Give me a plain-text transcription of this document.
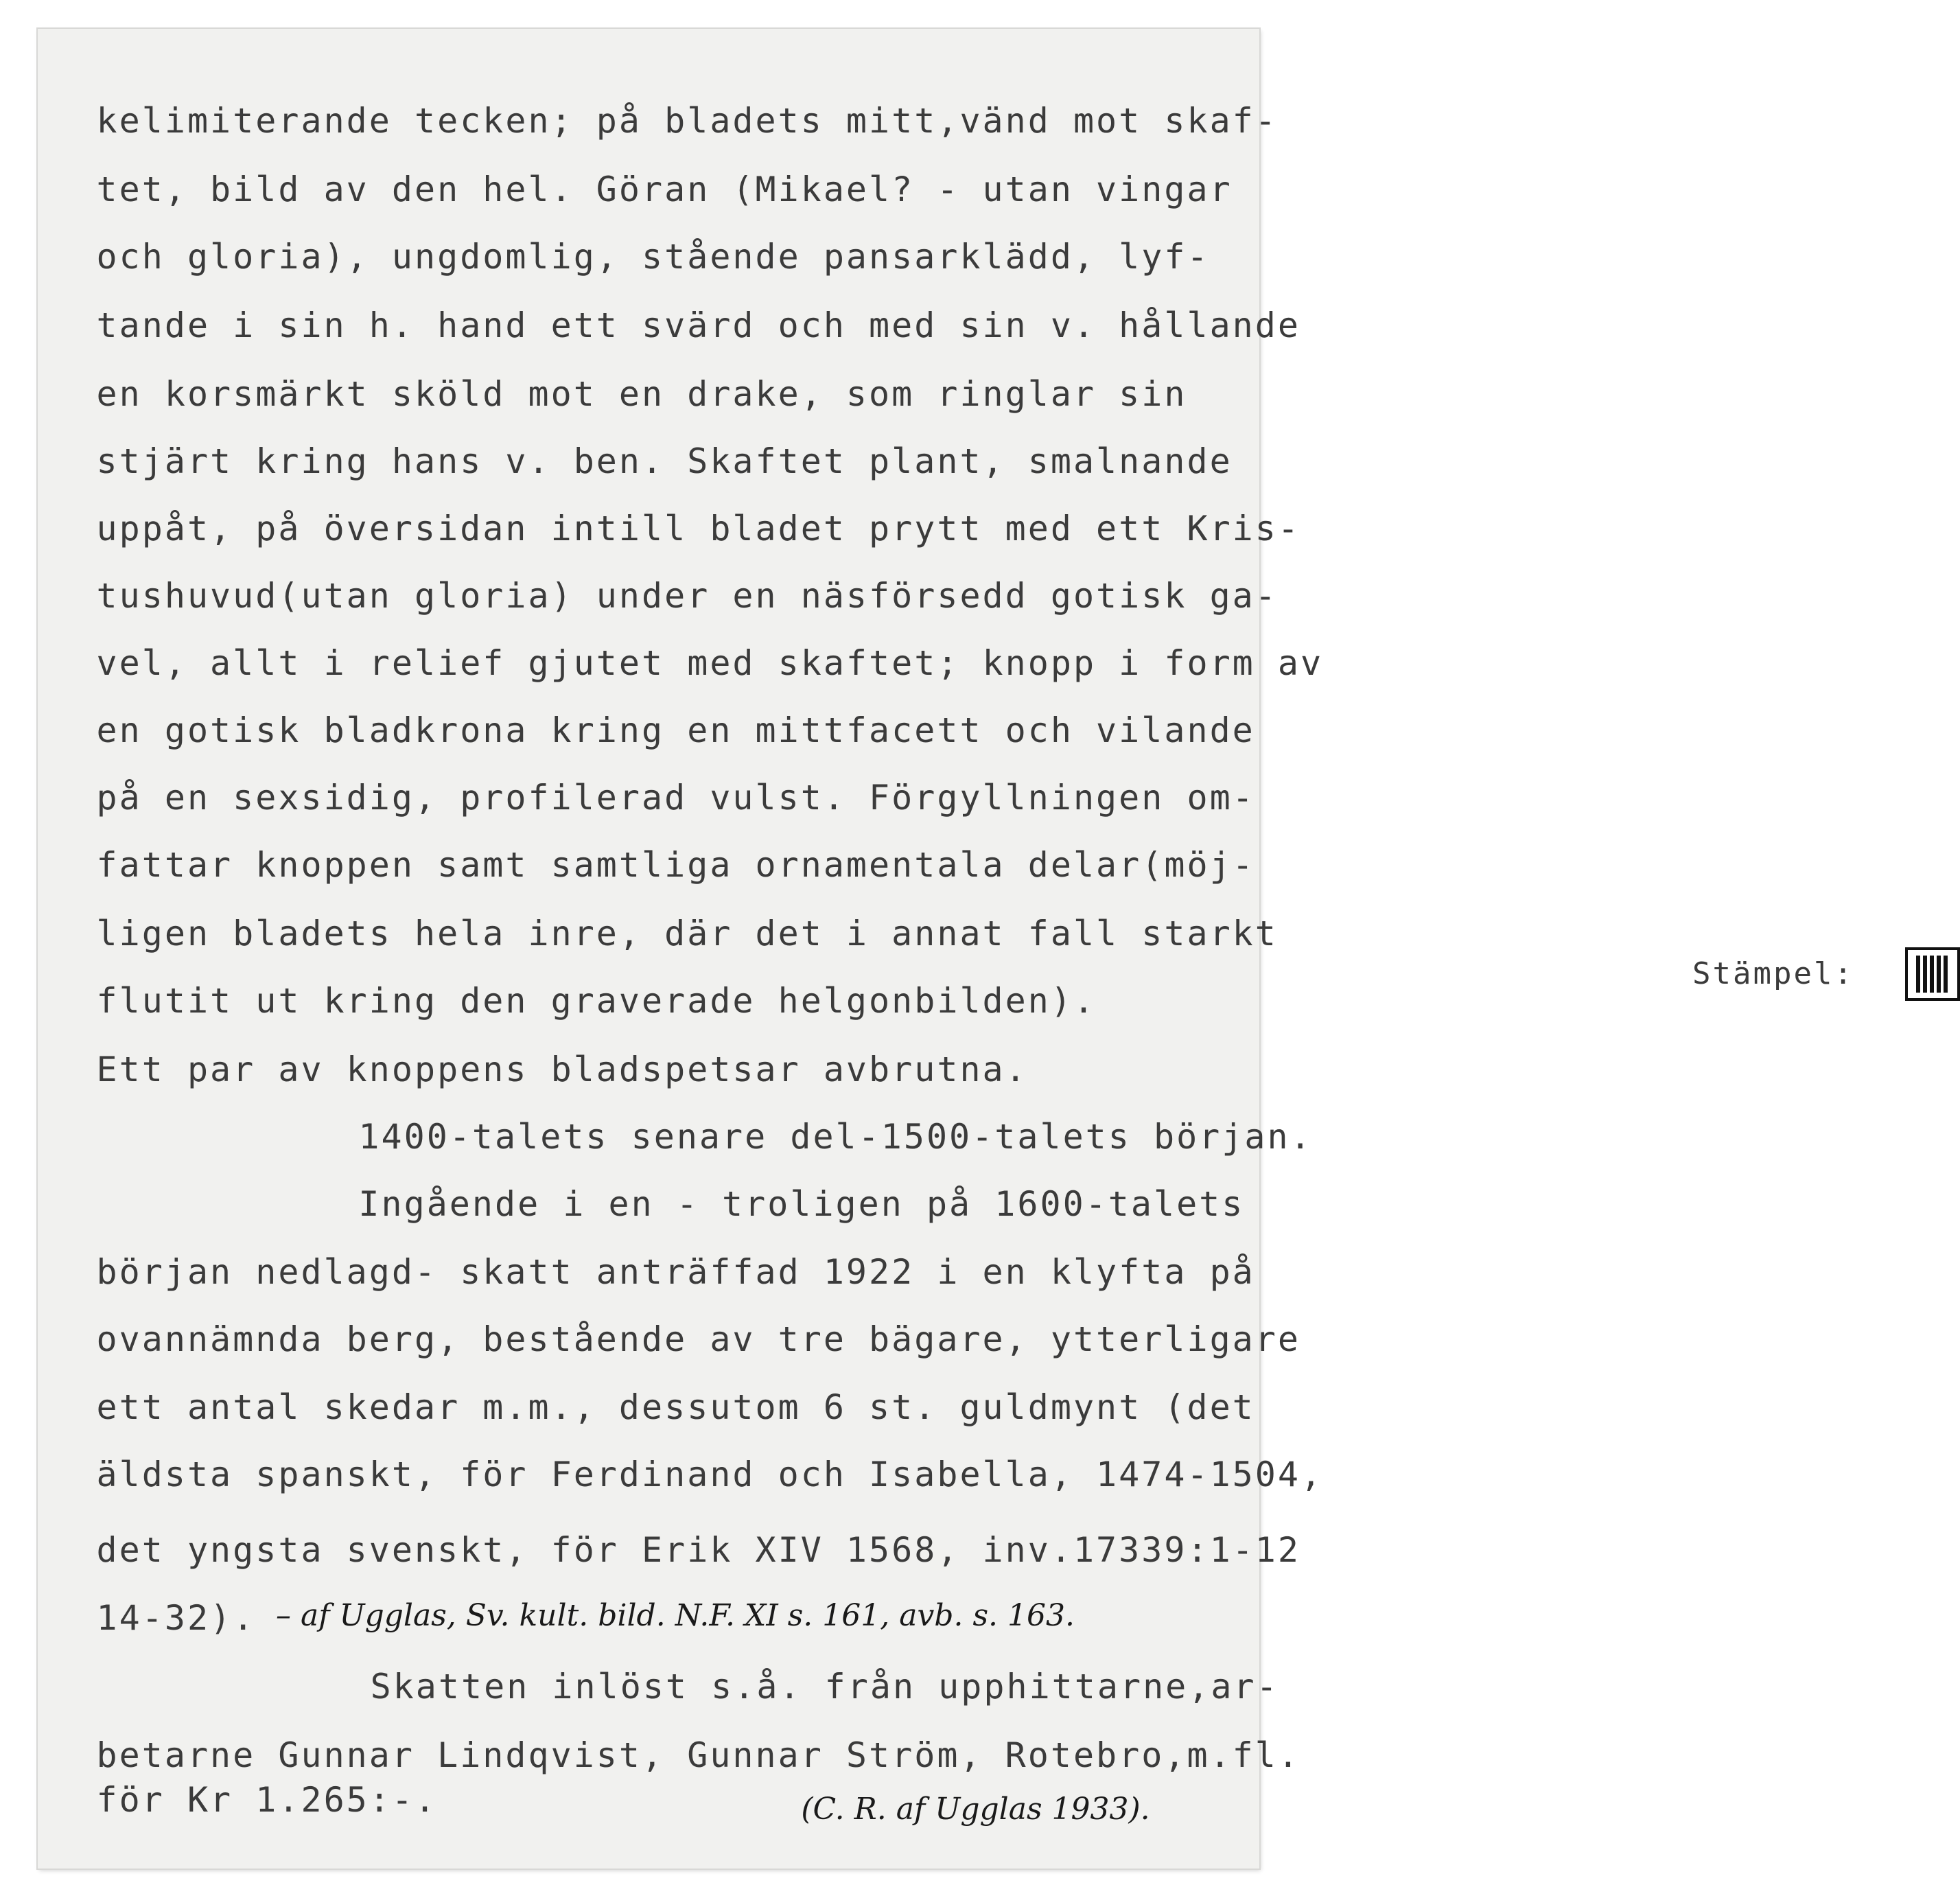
kelimiterande tecken; på bladets mitt,vänd mot skaf-
tet, bild av den hel. Göran (Mikael? - utan vingar
och gloria), ungdomlig, stående pansarklädd, lyf-
tande i sin h. hand ett svärd och med sin v. hållande
en korsmärkt sköld mot en drake, som ringlar sin
stjärt kring hans v. ben. Skaftet plant, smalnande
uppåt, på översidan intill bladet prytt med ett Kris-
tushuvud(utan gloria) under en näsförsedd gotisk ga-
vel, allt i relief gjutet med skaftet; knopp i form av
en gotisk bladkrona kring en mittfacett och vilande
på en sexsidig, profilerad vulst. Förgyllningen om-
fattar knoppen samt samtliga ornamentala delar(möj-
ligen bladets hela inre, där det i annat fall starkt
flutit ut kring den graverade helgonbilden).
Stämpel:
Ett par av knoppens bladspetsar avbrutna.
1400-talets senare del-1500-talets början.
Ingående i en - troligen på 1600-talets
början nedlagd- skatt anträffad 1922 i en klyfta på
ovannämnda berg, bestående av tre bägare, ytterligare
ett antal skedar m.m., dessutom 6 st. guldmynt (det
äldsta spanskt, för Ferdinand och Isabella, 1474-1504,
det yngsta svenskt, för Erik XIV 1568, inv.17339:1-12
14-32). – af Ugglas, Sv. kult. bild. N.F. XI s. 161, avb. s. 163.
Skatten inlöst s.å. från upphittarne,ar-
betarne Gunnar Lindqvist, Gunnar Ström, Rotebro,m.fl.
för Kr 1.265:-.	(C. R. af Ugglas 1933).
